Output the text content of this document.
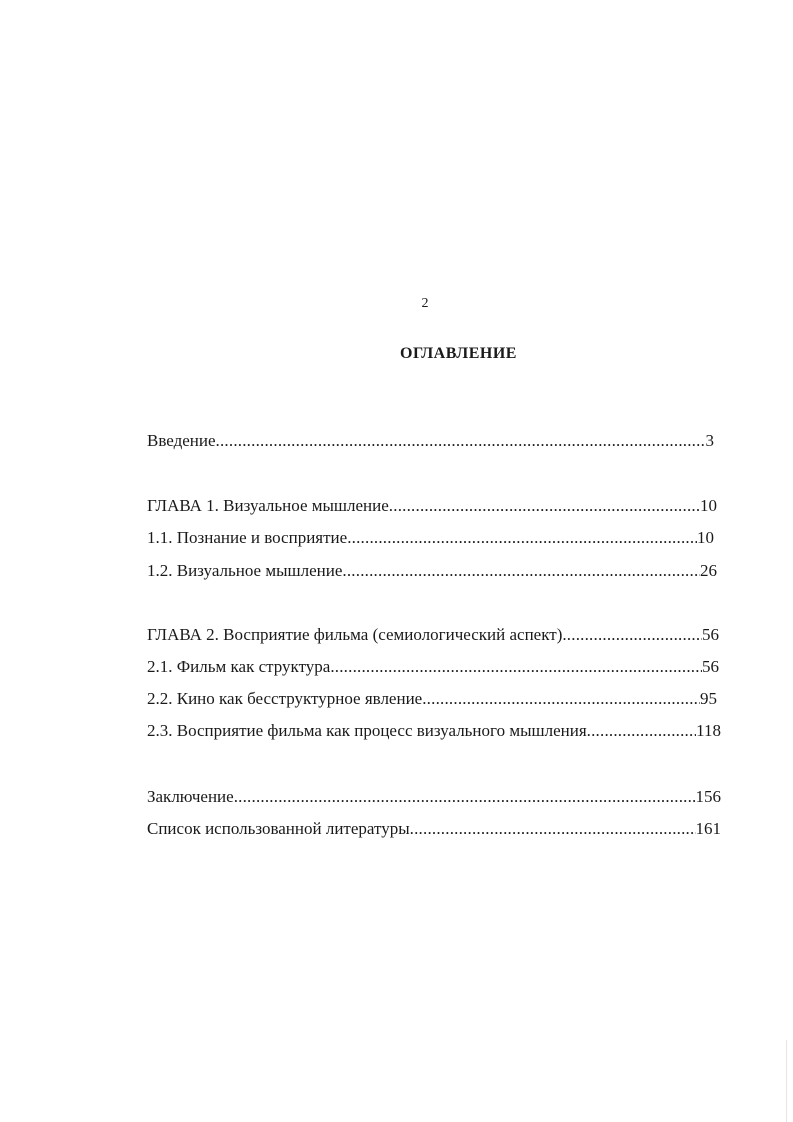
2
ОГЛАВЛЕНИЕ
Введение .....	3
ГЛАВА 1. Визуальное мышление .....	10
1.1. Познание и восприятие .....	10
1.2. Визуальное мышление .....	26
ГЛАВА 2. Восприятие фильма (семиологический аспект) .....	56
2.1. Фильм как структура .....	56
2.2. Кино как бесструктурное явление .....	95
2.3. Восприятие фильма как процесс визуального мышления .....	118
Заключение .....	156
Список использованной литературы .....	161
